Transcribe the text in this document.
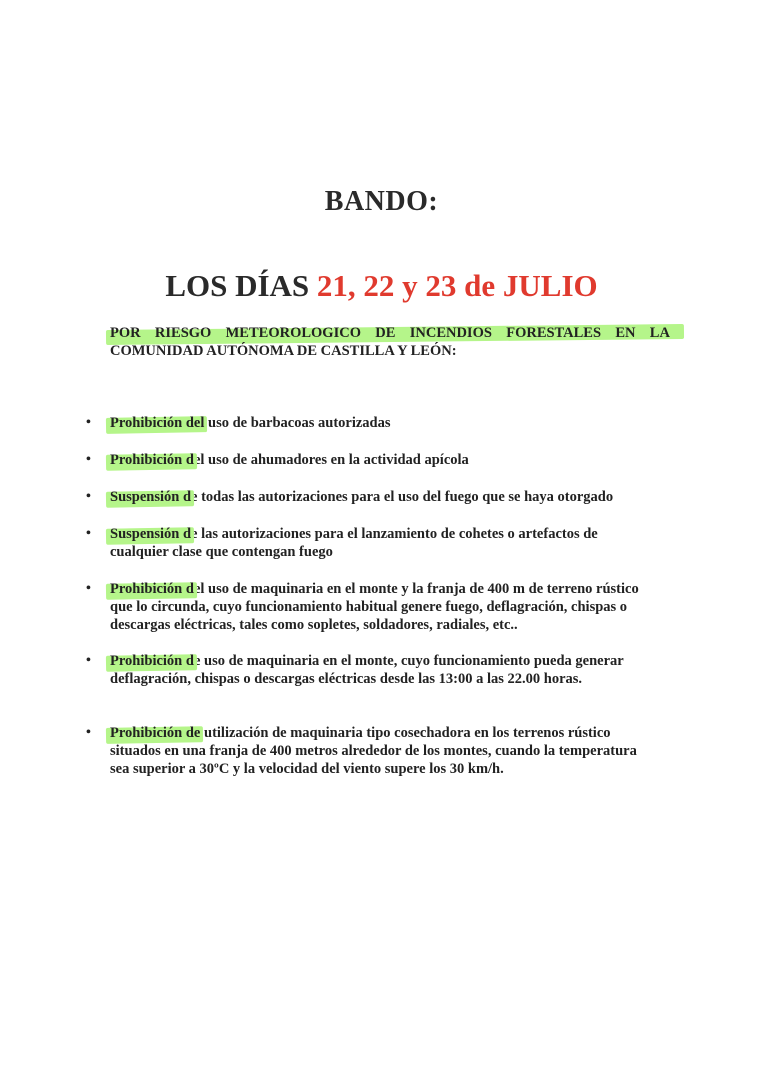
BANDO:
LOS DÍAS 21, 22 y 23 de JULIO
POR RIESGO METEOROLOGICO DE INCENDIOS FORESTALES EN LA
COMUNIDAD AUTÓNOMA DE CASTILLA Y LEÓN:
• Prohibición del uso de barbacoas autorizadas
• Prohibición del uso de ahumadores en la actividad apícola
• Suspensión de todas las autorizaciones para el uso del fuego que se haya otorgado
• Suspensión de las autorizaciones para el lanzamiento de cohetes o artefactos de cualquier clase que contengan fuego
• Prohibición del uso de maquinaria en el monte y la franja de 400 m de terreno rústico que lo circunda, cuyo funcionamiento habitual genere fuego, deflagración, chispas o descargas eléctricas, tales como sopletes, soldadores, radiales, etc..
• Prohibición de uso de maquinaria en el monte, cuyo funcionamiento pueda generar deflagración, chispas o descargas eléctricas desde las 13:00 a las 22.00 horas.
• Prohibición de utilización de maquinaria tipo cosechadora en los terrenos rústico situados en una franja de 400 metros alrededor de los montes, cuando la temperatura sea superior a 30ºC y la velocidad del viento supere los 30 km/h.
